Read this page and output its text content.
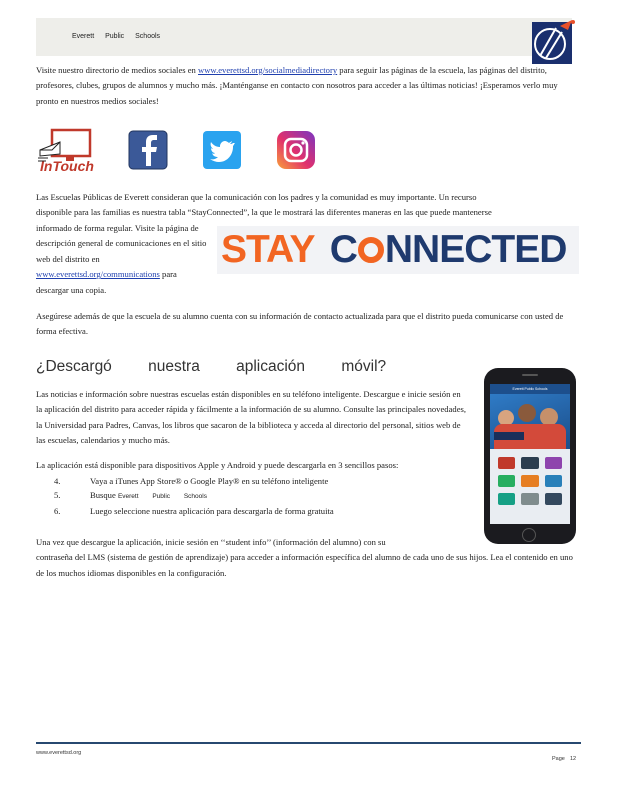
Everett Public Schools

Visite nuestro directorio de medios sociales en www.everettsd.org/socialmediadirectory para seguir las páginas de la escuela, las páginas del distrito, profesores, clubes, grupos de alumnos y mucho más. ¡Manténganse en contacto con nosotros para acceder a las últimas noticias! ¡Esperamos verlo muy pronto en nuestros medios sociales!

InTouch

Las Escuelas Públicas de Everett consideran que la comunicación con los padres y la comunidad es muy importante. Un recurso

disponible para las familias es nuestra tabla “StayConnected”, la que le mostrará las diferentes maneras en las que puede mantenerse

informado de forma regular. Visite la página de descripción general de comunicaciones en el sitio web del distrito en www.everettsd.org/communications para descargar una copia.

STAY C NNECTED

Asegúrese además de que la escuela de su alumno cuenta con su información de contacto actualizada para que el distrito pueda comunicarse con usted de forma efectiva.

¿Descargó nuestra aplicación móvil?

Las noticias e información sobre nuestras escuelas están disponibles en su teléfono inteligente. Descargue e inicie sesión en la aplicación del distrito para acceder rápida y fácilmente a la información de su alumno. Consulte las principales novedades, la Universidad para Padres, Canvas, los libros que sacaron de la biblioteca y acceda al directorio del personal, sitios web de las escuelas, calendarios y mucho más.

La aplicación está disponible para dispositivos Apple y Android y puede descargarla en 3 sencillos pasos:

4.	Vaya a iTunes App Store® o Google Play® en su teléfono inteligente
5.	Busque Everett Public Schools
6.	Luego seleccione nuestra aplicación para descargarla de forma gratuita

Una vez que descargue la aplicación, inicie sesión en ‘‘student info’’ (información del alumno) con su

contraseña del LMS (sistema de gestión de aprendizaje) para acceder a información específica del alumno de cada uno de sus hijos. Lea el contenido en uno de los muchos idiomas disponibles en la configuración.

Everett Public Schools
www.everettsd.org
Page 12
